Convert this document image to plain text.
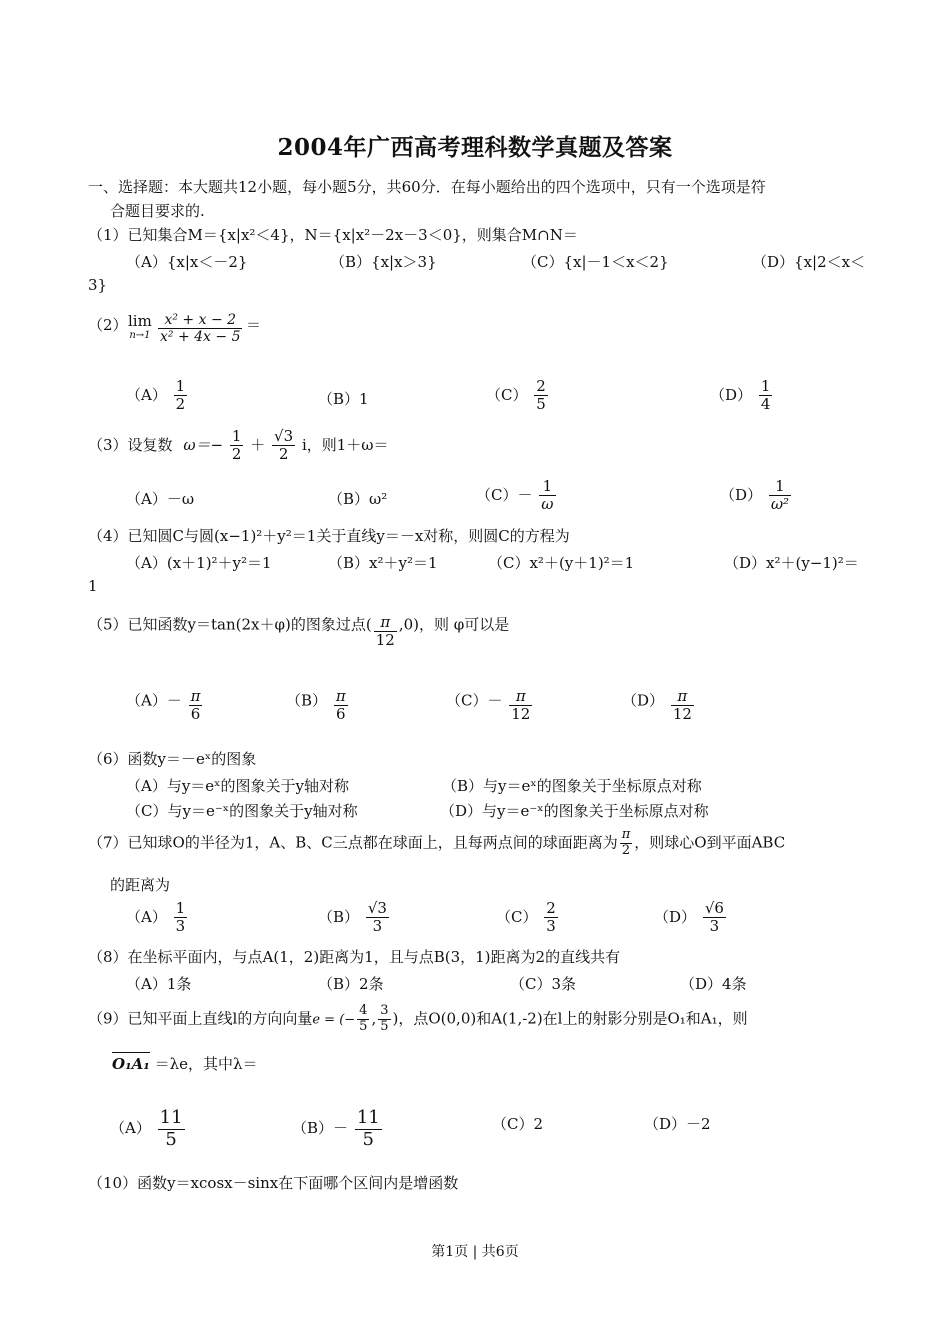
2004年广西高考理科数学真题及答案
一、选择题：本大题共12小题，每小题5分，共60分．在每小题给出的四个选项中，只有一个选项是符
合题目要求的.
（1）已知集合M＝{x|x²＜4}，N＝{x|x²－2x－3＜0}，则集合M∩N＝
（A）{x|x＜－2}	（B）{x|x＞3}	（C）{x|－1＜x＜2}	（D）{x|2＜x＜
3}
（2） lim
$n\to 1 \frac{\text{x² + x − 2}}{\text{x² + 4x − 5}}$ ＝
$(A) \frac{1}{2}$	（B）1	$(C) \frac{2}{5}$	$(D) \frac{1}{4}$
（3）设复数 $\omega=- \frac{1}{2} + \frac{√3}{2}$ i，则1＋ω＝
（A）－ω	（B）ω²	$(C)- \frac{1}{\omega}$	$(D) \frac{1}{\text{ω²}}$
（4）已知圆C与圆(x−1)²＋y²＝1关于直线y＝－x对称，则圆C的方程为
（A）(x＋1)²＋y²＝1	（B）x²＋y²＝1	（C）x²＋(y＋1)²＝1	（D）x²＋(y−1)²＝
1
（5）已知函数y＝tan(2x＋φ)的图象过点( $\frac{\pi}{12} ,0$)，则 φ可以是
$(A)- \frac{\pi}{6}$	$(B) \frac{\pi}{6}$	$(C)- \frac{\pi}{12}$	$(D) \frac{\pi}{12}$
（6）函数y＝－eˣ的图象
（A）与y＝eˣ的图象关于y轴对称	（B）与y＝eˣ的图象关于坐标原点对称
（C）与y＝e⁻ˣ的图象关于y轴对称	（D）与y＝e⁻ˣ的图象关于坐标原点对称
（7）已知球O的半径为1，A、B、C三点都在球面上，且每两点间的球面距离为 $\frac{\pi}{2}$ ，则球心O到平面ABC
的距离为
$(A) \frac{1}{3}$	$(B) \frac{√3}{3}$	$(C) \frac{2}{3}$	$(D) \frac{√6}{3}$
（8）在坐标平面内，与点A(1，2)距离为1，且与点B(3，1)距离为2的直线共有
（A）1条	（B）2条	（C）3条	（D）4条
（9）已知平面上直线l的方向向量e = (− $\frac{4}{5}$ , $\frac{3}{5}$ )，点O(0,0)和A(1,-2)在l上的射影分别是O₁和A₁，则
O₁A₁ ＝λe，其中λ＝
$(A) \frac{11}{5}$	$(B)- \frac{11}{5}$	（C）2	（D）－2
（10）函数y＝xcosx－sinx在下面哪个区间内是增函数
第1页 | 共6页
